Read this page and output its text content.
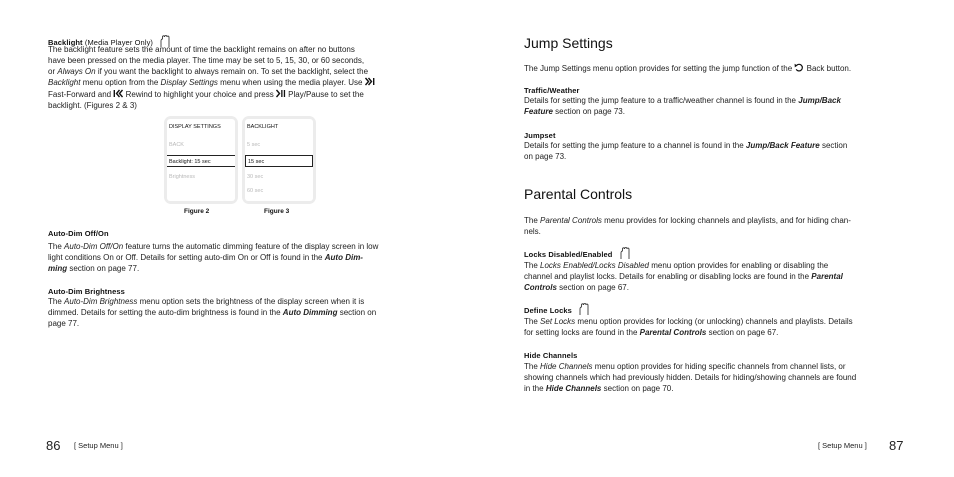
Backlight (Media Player Only)

The backlight feature sets the amount of time the backlight remains on after no buttons
have been pressed on the media player. The time may be set to 5, 15, 30, or 60 seconds,
or Always On if you want the backlight to always remain on. To set the backlight, select the
Backlight menu option from the Display Settings menu when using the media player. Use
Fast-Forward and Rewind to highlight your choice and press Play/Pause to set the
backlight. (Figures 2 & 3)

DISPLAY SETTINGS
BACK
Backlight: 15 sec
Brightness
Figure 2
BACKLIGHT
5 sec
15 sec
30 sec
60 sec
Figure 3
Auto-Dim Off/On

The Auto-Dim Off/On feature turns the automatic dimming feature of the display screen in low
light conditions On or Off. Details for setting auto-dim On or Off is found in the Auto Dim-
ming section on page 77.

Auto-Dim Brightness

The Auto-Dim Brightness menu option sets the brightness of the display screen when it is
dimmed. Details for setting the auto-dim brightness is found in the Auto Dimming section on
page 77.

86 [ Setup Menu ]
Jump Settings

The Jump Settings menu option provides for setting the jump function of the Back button.

Traffic/Weather

Details for setting the jump feature to a traffic/weather channel is found in the Jump/Back
Feature section on page 73.

Jumpset

Details for setting the jump feature to a channel is found in the Jump/Back Feature section
on page 73.

Parental Controls

The Parental Controls menu provides for locking channels and playlists, and for hiding chan-
nels.

Locks Disabled/Enabled

The Locks Enabled/Locks Disabled menu option provides for enabling or disabling the
channel and playlist locks. Details for enabling or disabling locks are found in the Parental
Controls section on page 67.

Define Locks

The Set Locks menu option provides for locking (or unlocking) channels and playlists. Details
for setting locks are found in the Parental Controls section on page 67.

Hide Channels

The Hide Channels menu option provides for hiding specific channels from channel lists, or
showing channels which had previously hidden. Details for hiding/showing channels are found
in the Hide Channels section on page 70.

[ Setup Menu ] 87
